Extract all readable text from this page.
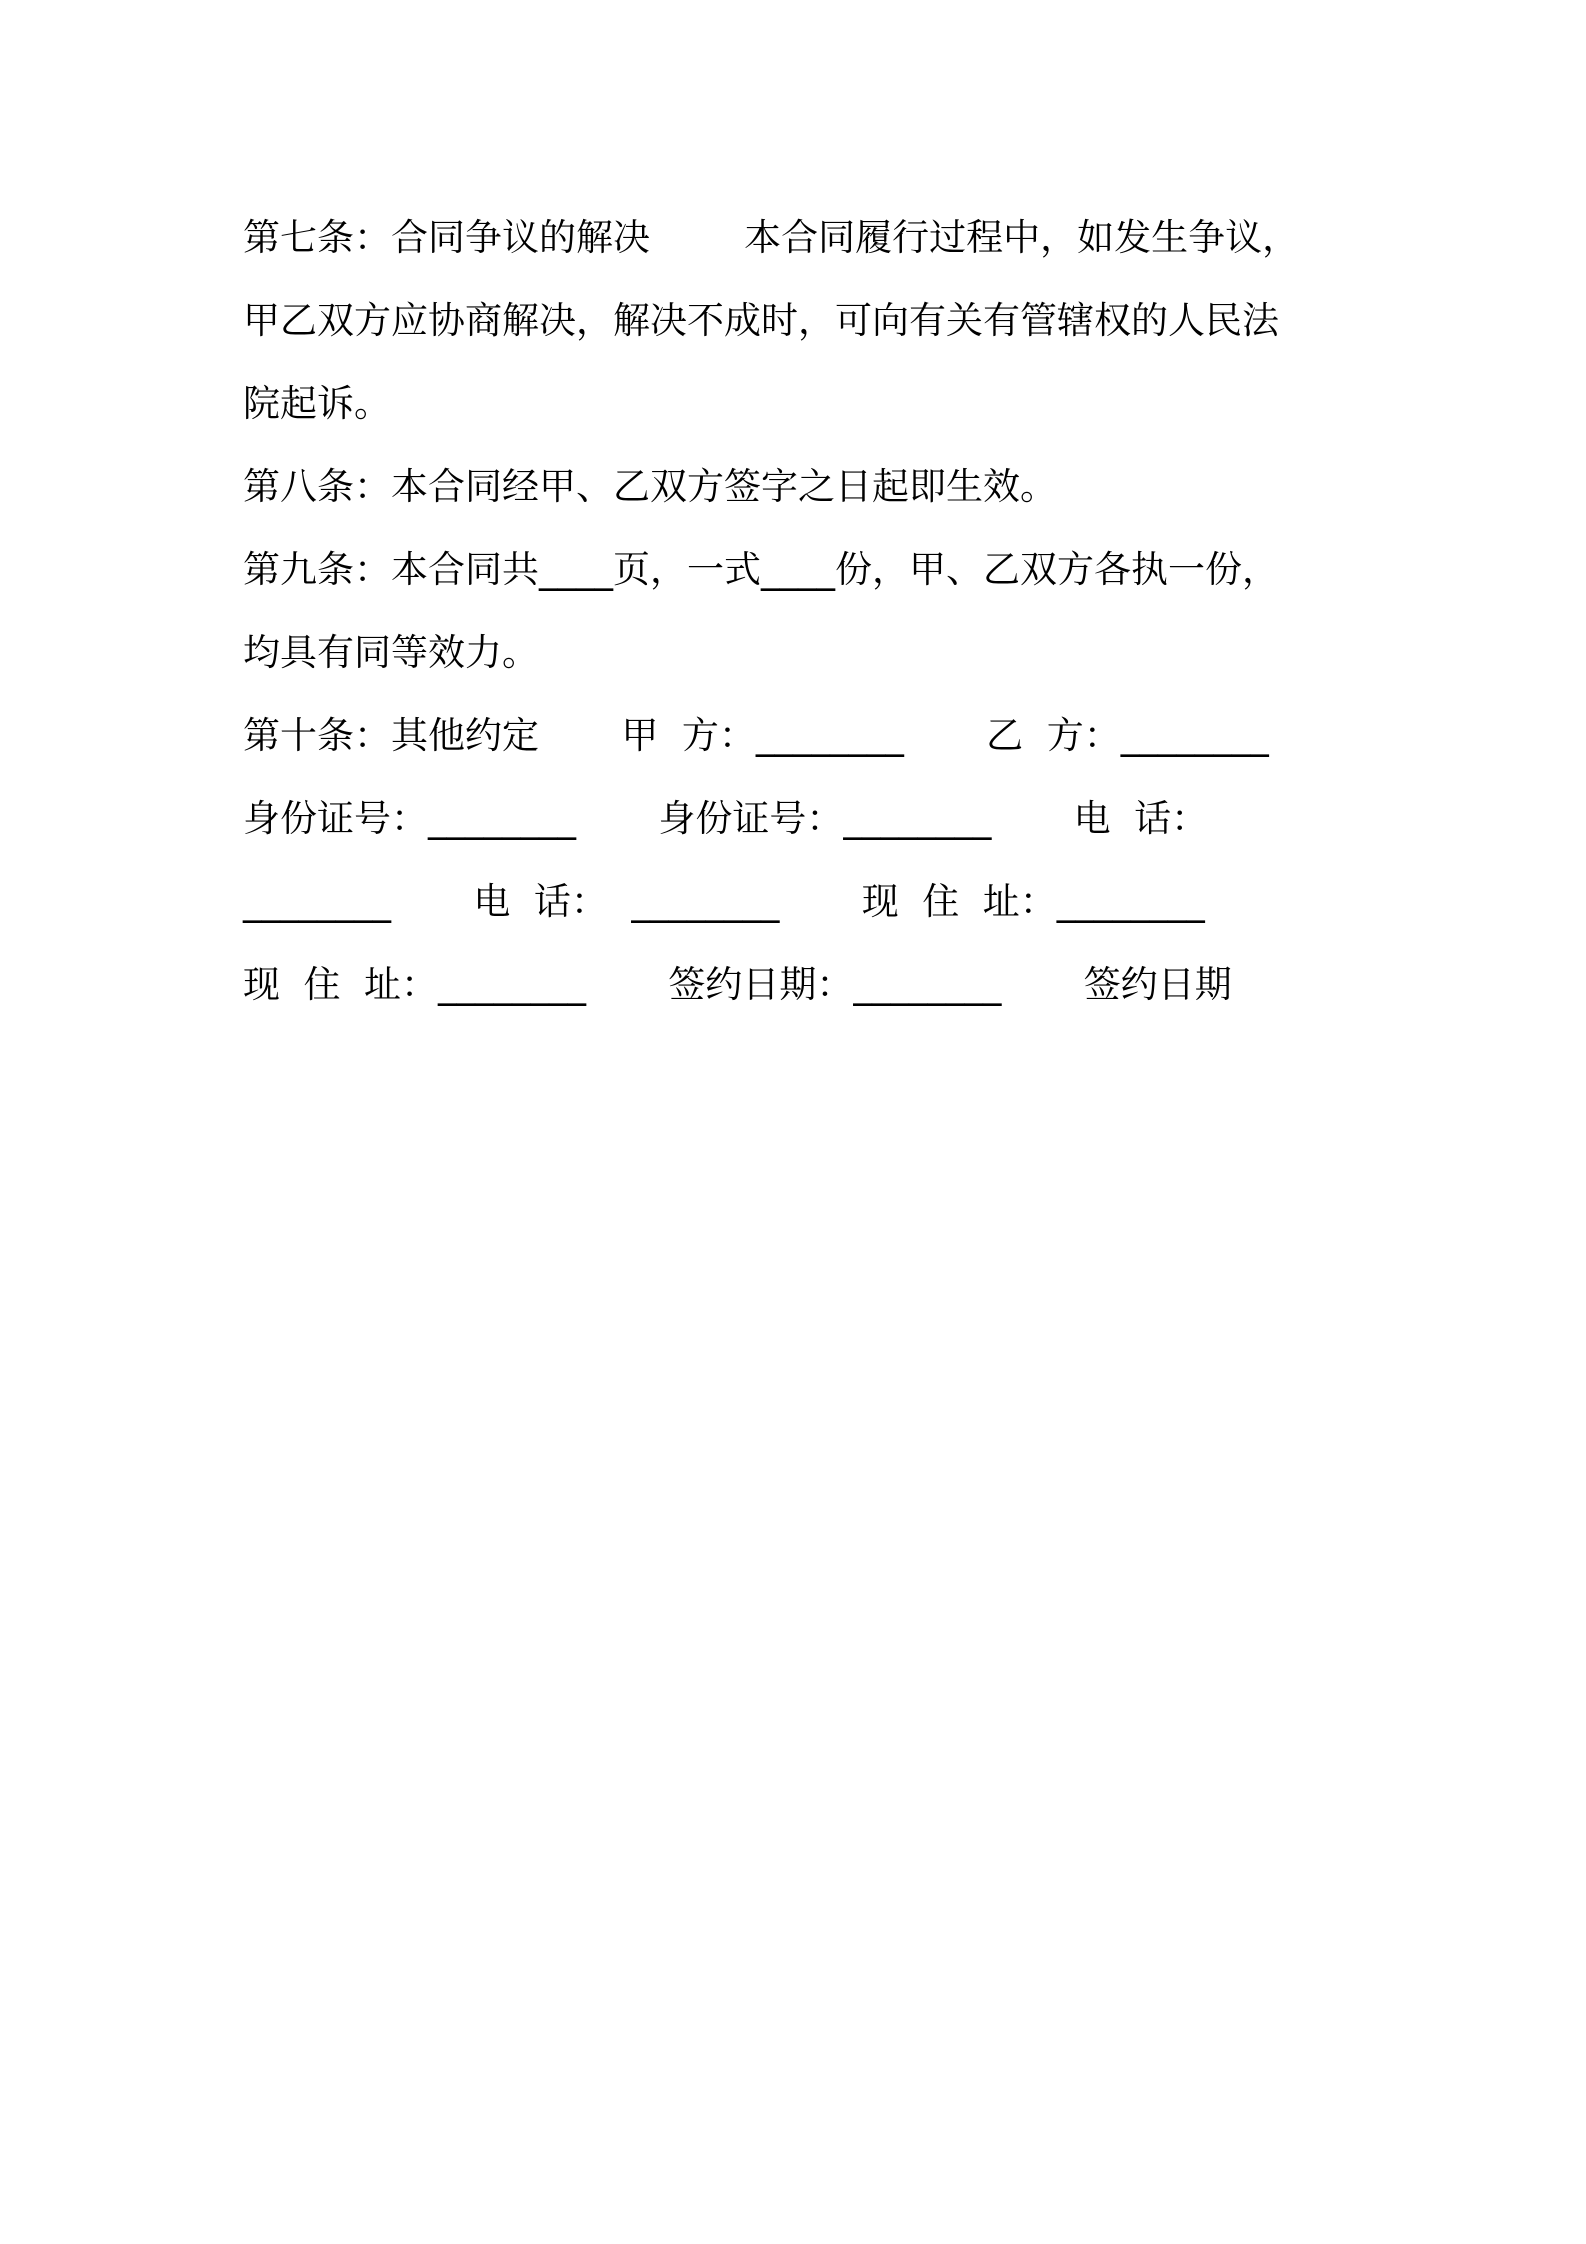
第七条：合同争议的解决        本合同履行过程中，如发生争议，
甲乙双方应协商解决，解决不成时，可向有关有管辖权的人民法
院起诉。
第八条：本合同经甲、乙双方签字之日起即生效。
第九条：本合同共____页，一式____份，甲、乙双方各执一份，
均具有同等效力。
第十条：其他约定       甲  方：________       乙  方：________
身份证号：________       身份证号：________       电  话：
________       电  话：  ________       现  住  址：________
现  住  址：________       签约日期：________       签约日期
